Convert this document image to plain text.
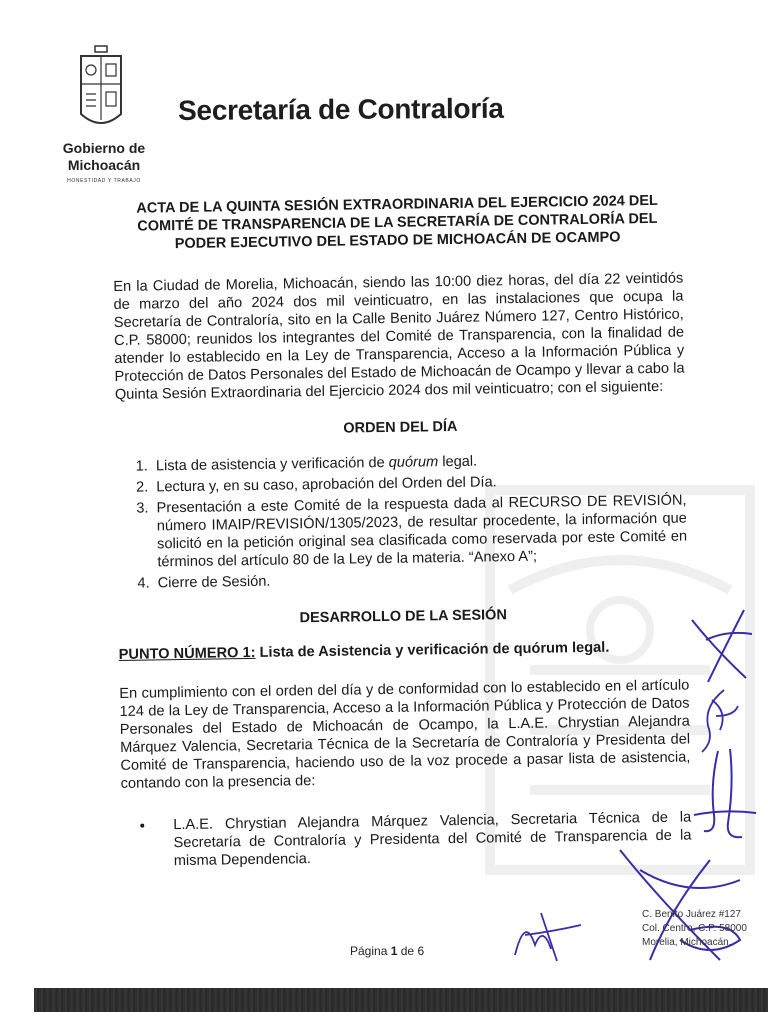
Gobierno de
Michoacán
HONESTIDAD Y TRABAJO
Secretaría de Contraloría
ACTA DE LA QUINTA SESIÓN EXTRAORDINARIA DEL EJERCICIO 2024 DEL
COMITÉ DE TRANSPARENCIA DE LA SECRETARÍA DE CONTRALORÍA DEL
PODER EJECUTIVO DEL ESTADO DE MICHOACÁN DE OCAMPO

En la Ciudad de Morelia, Michoacán, siendo las 10:00 diez horas, del día 22 veintidós de marzo del año 2024 dos mil veinticuatro, en las instalaciones que ocupa la Secretaría de Contraloría, sito en la Calle Benito Juárez Número 127, Centro Histórico, C.P. 58000; reunidos los integrantes del Comité de Transparencia, con la finalidad de atender lo establecido en la Ley de Transparencia, Acceso a la Información Pública y Protección de Datos Personales del Estado de Michoacán de Ocampo y llevar a cabo la Quinta Sesión Extraordinaria del Ejercicio 2024 dos mil veinticuatro; con el siguiente:

ORDEN DEL DÍA
1. Lista de asistencia y verificación de quórum legal.
2. Lectura y, en su caso, aprobación del Orden del Día.
3. Presentación a este Comité de la respuesta dada al RECURSO DE REVISIÓN, número IMAIP/REVISIÓN/1305/2023, de resultar procedente, la información que solicitó en la petición original sea clasificada como reservada por este Comité en términos del artículo 80 de la Ley de la materia. “Anexo A”;
4. Cierre de Sesión.
DESARROLLO DE LA SESIÓN
PUNTO NÚMERO 1: Lista de Asistencia y verificación de quórum legal.

En cumplimiento con el orden del día y de conformidad con lo establecido en el artículo 124 de la Ley de Transparencia, Acceso a la Información Pública y Protección de Datos Personales del Estado de Michoacán de Ocampo, la L.A.E. Chrystian Alejandra Márquez Valencia, Secretaria Técnica de la Secretaría de Contraloría y Presidenta del Comité de Transparencia, haciendo uso de la voz procede a pasar lista de asistencia, contando con la presencia de:

• L.A.E. Chrystian Alejandra Márquez Valencia, Secretaria Técnica de la Secretaría de Contraloría y Presidenta del Comité de Transparencia de la misma Dependencia.
Página 1 de 6
C. Benito Juárez #127
Col. Centro, C.P. 58000
Morelia, Michoacán.
